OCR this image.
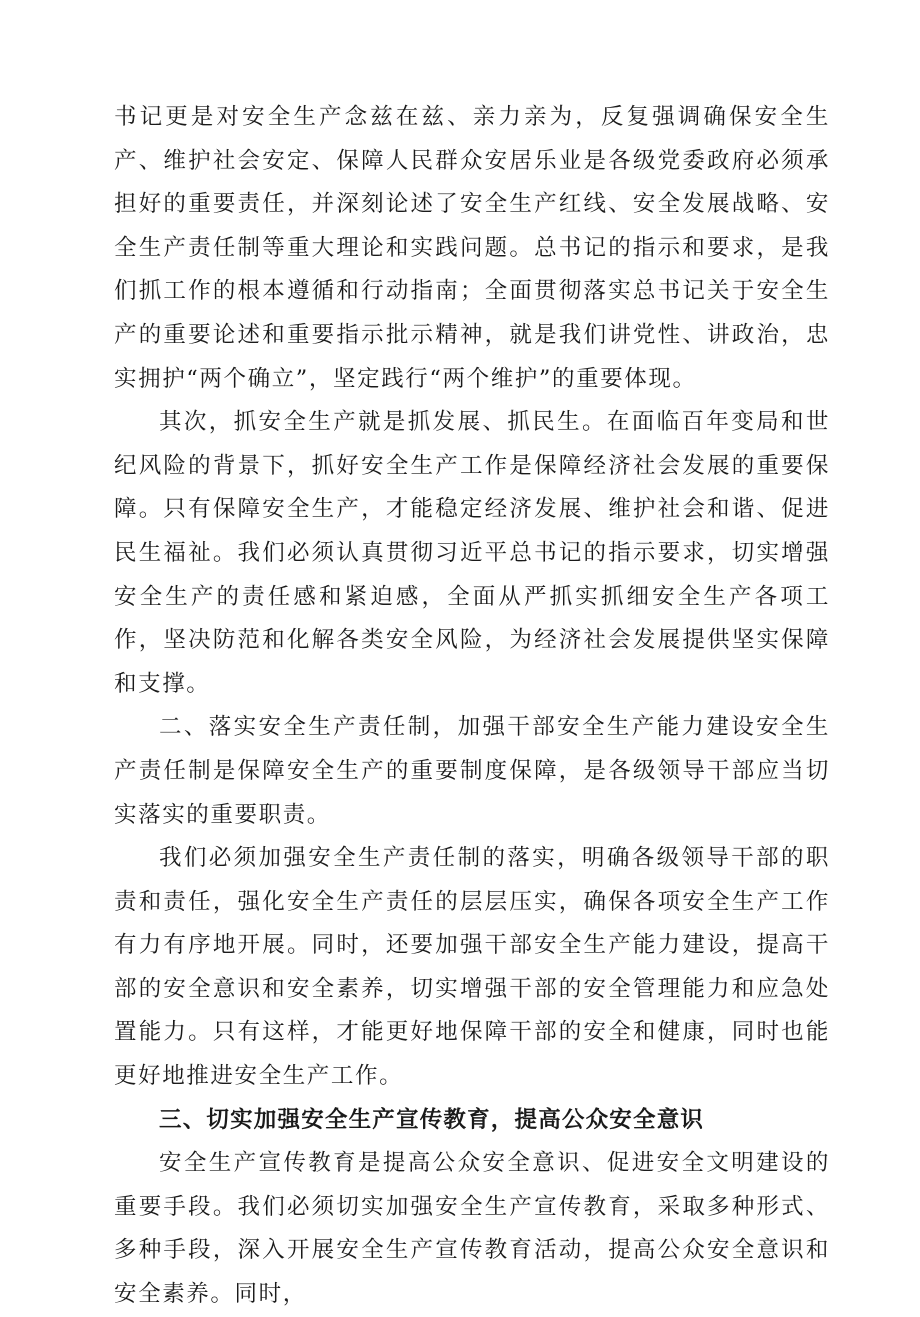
书记更是对安全生产念兹在兹、亲力亲为，反复强调确保安全生产、维护社会安定、保障人民群众安居乐业是各级党委政府必须承担好的重要责任，并深刻论述了安全生产红线、安全发展战略、安全生产责任制等重大理论和实践问题。总书记的指示和要求，是我们抓工作的根本遵循和行动指南；全面贯彻落实总书记关于安全生产的重要论述和重要指示批示精神，就是我们讲党性、讲政治，忠实拥护“两个确立”，坚定践行“两个维护”的重要体现。

其次，抓安全生产就是抓发展、抓民生。在面临百年变局和世纪风险的背景下，抓好安全生产工作是保障经济社会发展的重要保障。只有保障安全生产，才能稳定经济发展、维护社会和谐、促进民生福祉。我们必须认真贯彻习近平总书记的指示要求，切实增强安全生产的责任感和紧迫感，全面从严抓实抓细安全生产各项工作，坚决防范和化解各类安全风险，为经济社会发展提供坚实保障和支撑。

二、落实安全生产责任制，加强干部安全生产能力建设安全生产责任制是保障安全生产的重要制度保障，是各级领导干部应当切实落实的重要职责。

我们必须加强安全生产责任制的落实，明确各级领导干部的职责和责任，强化安全生产责任的层层压实，确保各项安全生产工作有力有序地开展。同时，还要加强干部安全生产能力建设，提高干部的安全意识和安全素养，切实增强干部的安全管理能力和应急处置能力。只有这样，才能更好地保障干部的安全和健康，同时也能更好地推进安全生产工作。

三、切实加强安全生产宣传教育，提高公众安全意识

安全生产宣传教育是提高公众安全意识、促进安全文明建设的重要手段。我们必须切实加强安全生产宣传教育，采取多种形式、多种手段，深入开展安全生产宣传教育活动，提高公众安全意识和安全素养。同时，
